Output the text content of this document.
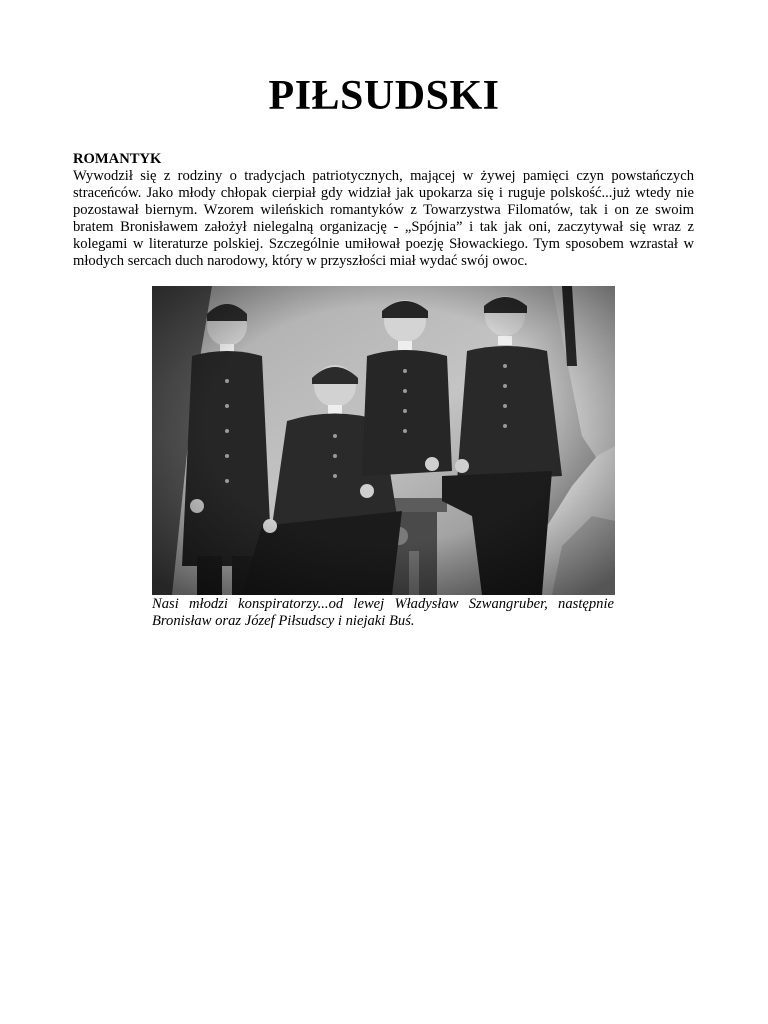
PIŁSUDSKI
ROMANTYK
Wywodził się z rodziny o tradycjach patriotycznych, mającej w żywej pamięci czyn powstańczych straceńców. Jako młody chłopak cierpiał gdy widział jak upokarza się i ruguje polskość...już wtedy nie pozostawał biernym. Wzorem wileńskich romantyków z Towarzystwa Filomatów, tak i on ze swoim bratem Bronisławem założył nielegalną organizację - „Spójnia” i tak jak oni, zaczytywał się wraz z kolegami w literaturze polskiej. Szczególnie umiłował poezję Słowackiego. Tym sposobem wzrastał w młodych sercach duch narodowy, który w przyszłości miał wydać swój owoc.

Nasi młodzi konspiratorzy...od lewej Władysław Szwangruber, następnie Bronisław oraz Józef Piłsudscy i niejaki Buś.
